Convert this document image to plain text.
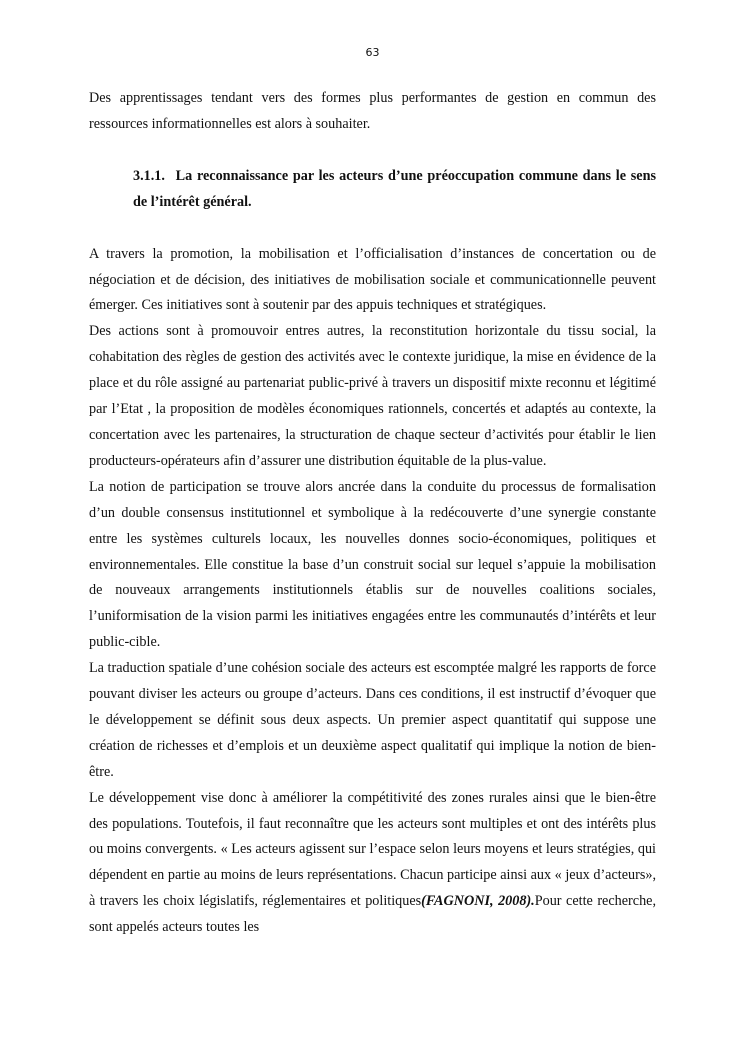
63

Des apprentissages tendant vers des formes plus performantes de gestion en commun des ressources informationnelles est alors à souhaiter.

3.1.1. La reconnaissance par les acteurs d’une préoccupation commune dans le sens de l’intérêt général.

A travers la promotion, la mobilisation et l’officialisation d’instances de concertation ou de négociation et de décision, des initiatives de mobilisation sociale et communicationnelle peuvent émerger. Ces initiatives sont à soutenir par des appuis techniques et stratégiques.

Des actions sont à promouvoir entres autres, la reconstitution horizontale du tissu social, la cohabitation des règles de gestion des activités avec le contexte juridique, la mise en évidence de la place et du rôle assigné au partenariat public-privé à travers un dispositif mixte reconnu et légitimé par l’Etat , la proposition de modèles économiques rationnels, concertés et adaptés au contexte, la concertation avec les partenaires, la structuration de chaque secteur d’activités pour établir le lien producteurs-opérateurs afin d’assurer une distribution équitable de la plus-value.

La notion de participation se trouve alors ancrée dans la conduite du processus de formalisation d’un double consensus institutionnel et symbolique à la redécouverte d’une synergie constante entre les systèmes culturels locaux, les nouvelles donnes socio-économiques, politiques et environnementales. Elle constitue la base d’un construit social sur lequel s’appuie la mobilisation de nouveaux arrangements institutionnels établis sur de nouvelles coalitions sociales, l’uniformisation de la vision parmi les initiatives engagées entre les communautés d’intérêts et leur public-cible.

La traduction spatiale d’une cohésion sociale des acteurs est escomptée malgré les rapports de force pouvant diviser les acteurs ou groupe d’acteurs. Dans ces conditions, il est instructif d’évoquer que le développement se définit sous deux aspects. Un premier aspect quantitatif qui suppose une création de richesses et d’emplois et un deuxième aspect qualitatif qui implique la notion de bien-être.

Le développement vise donc à améliorer la compétitivité des zones rurales ainsi que le bien-être des populations. Toutefois, il faut reconnaître que les acteurs sont multiples et ont des intérêts plus ou moins convergents. « Les acteurs agissent sur l’espace selon leurs moyens et leurs stratégies, qui dépendent en partie au moins de leurs représentations. Chacun participe ainsi aux « jeux d’acteurs», à travers les choix législatifs, réglementaires et politiques(FAGNONI, 2008).Pour cette recherche, sont appelés acteurs toutes les
